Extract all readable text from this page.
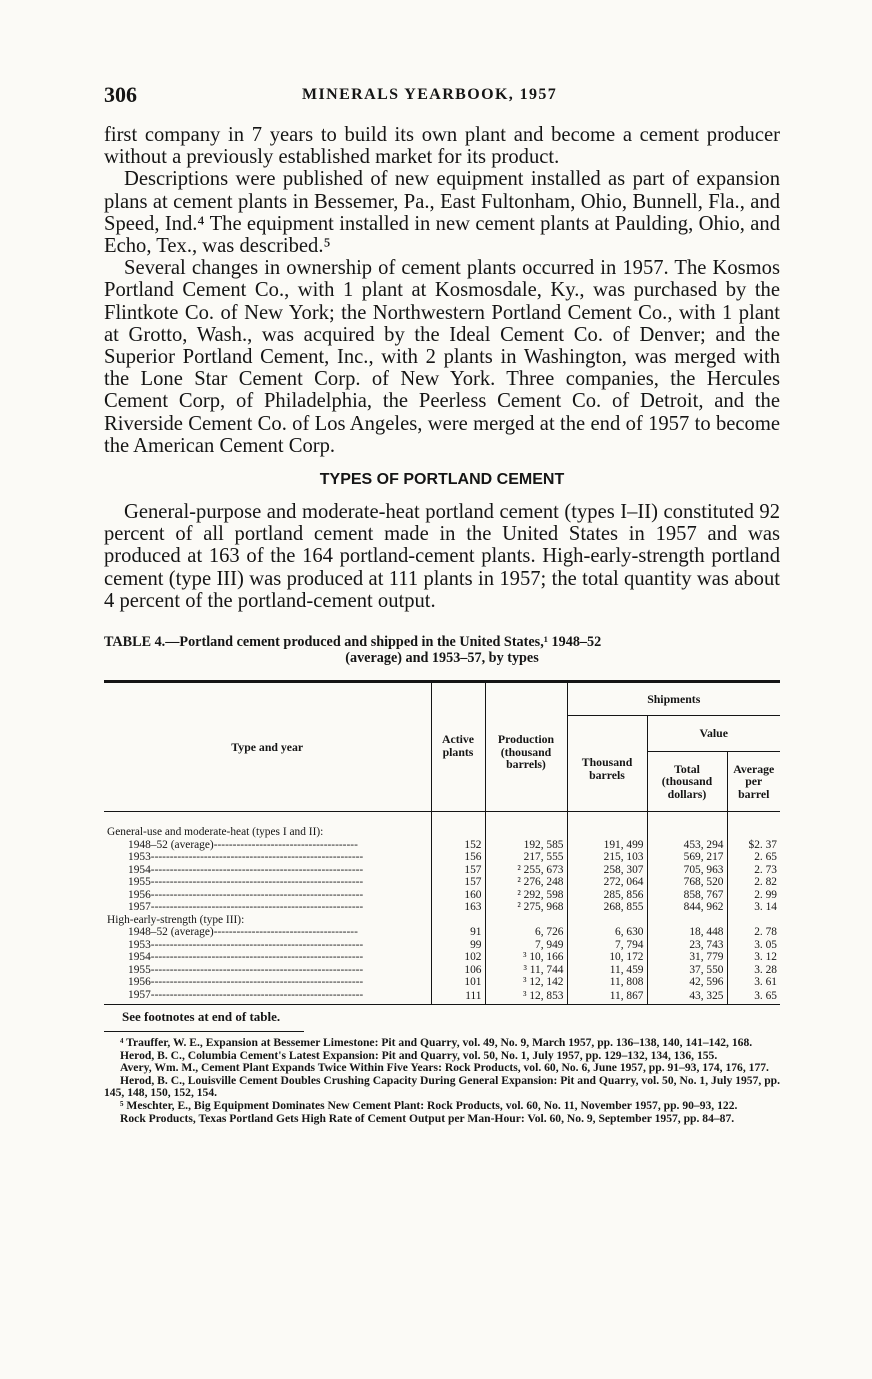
306	MINERALS YEARBOOK, 1957

first company in 7 years to build its own plant and become a cement producer without a previously established market for its product.

Descriptions were published of new equipment installed as part of expansion plans at cement plants in Bessemer, Pa., East Fultonham, Ohio, Bunnell, Fla., and Speed, Ind.⁴ The equipment installed in new cement plants at Paulding, Ohio, and Echo, Tex., was described.⁵

Several changes in ownership of cement plants occurred in 1957. The Kosmos Portland Cement Co., with 1 plant at Kosmosdale, Ky., was purchased by the Flintkote Co. of New York; the Northwestern Portland Cement Co., with 1 plant at Grotto, Wash., was acquired by the Ideal Cement Co. of Denver; and the Superior Portland Cement, Inc., with 2 plants in Washington, was merged with the Lone Star Cement Corp. of New York. Three companies, the Hercules Cement Corp, of Philadelphia, the Peerless Cement Co. of Detroit, and the Riverside Cement Co. of Los Angeles, were merged at the end of 1957 to become the American Cement Corp.

TYPES OF PORTLAND CEMENT

General-purpose and moderate-heat portland cement (types I–II) constituted 92 percent of all portland cement made in the United States in 1957 and was produced at 163 of the 164 portland-cement plants. High-early-strength portland cement (type III) was produced at 111 plants in 1957; the total quantity was about 4 percent of the portland-cement output.

TABLE 4.—Portland cement produced and shipped in the United States,¹ 1948–52
(average) and 1953–57, by types
Type and year	Active plants	Production (thousand barrels)	Shipments		
			Thousand barrels	Value	
				Total (thousand dollars)	Average per barrel
General-use and moderate-heat (types I and II):					
1948–52 (average)--------------------------------------	152	192, 585	191, 499	453, 294	$2. 37
1953--------------------------------------------------------	156	217, 555	215, 103	569, 217	2. 65
1954--------------------------------------------------------	157	² 255, 673	258, 307	705, 963	2. 73
1955--------------------------------------------------------	157	² 276, 248	272, 064	768, 520	2. 82
1956--------------------------------------------------------	160	² 292, 598	285, 856	858, 767	2. 99
1957--------------------------------------------------------	163	² 275, 968	268, 855	844, 962	3. 14
High-early-strength (type III):					
1948–52 (average)--------------------------------------	91	6, 726	6, 630	18, 448	2. 78
1953--------------------------------------------------------	99	7, 949	7, 794	23, 743	3. 05
1954--------------------------------------------------------	102	³ 10, 166	10, 172	31, 779	3. 12
1955--------------------------------------------------------	106	³ 11, 744	11, 459	37, 550	3. 28
1956--------------------------------------------------------	101	³ 12, 142	11, 808	42, 596	3. 61
1957--------------------------------------------------------	111	³ 12, 853	11, 867	43, 325	3. 65
See footnotes at end of table.

⁴ Trauffer, W. E., Expansion at Bessemer Limestone: Pit and Quarry, vol. 49, No. 9, March 1957, pp. 136–138, 140, 141–142, 168.

Herod, B. C., Columbia Cement's Latest Expansion: Pit and Quarry, vol. 50, No. 1, July 1957, pp. 129–132, 134, 136, 155.

Avery, Wm. M., Cement Plant Expands Twice Within Five Years: Rock Products, vol. 60, No. 6, June 1957, pp. 91–93, 174, 176, 177.

Herod, B. C., Louisville Cement Doubles Crushing Capacity During General Expansion: Pit and Quarry, vol. 50, No. 1, July 1957, pp. 145, 148, 150, 152, 154.

⁵ Meschter, E., Big Equipment Dominates New Cement Plant: Rock Products, vol. 60, No. 11, November 1957, pp. 90–93, 122.

Rock Products, Texas Portland Gets High Rate of Cement Output per Man-Hour: Vol. 60, No. 9, September 1957, pp. 84–87.
